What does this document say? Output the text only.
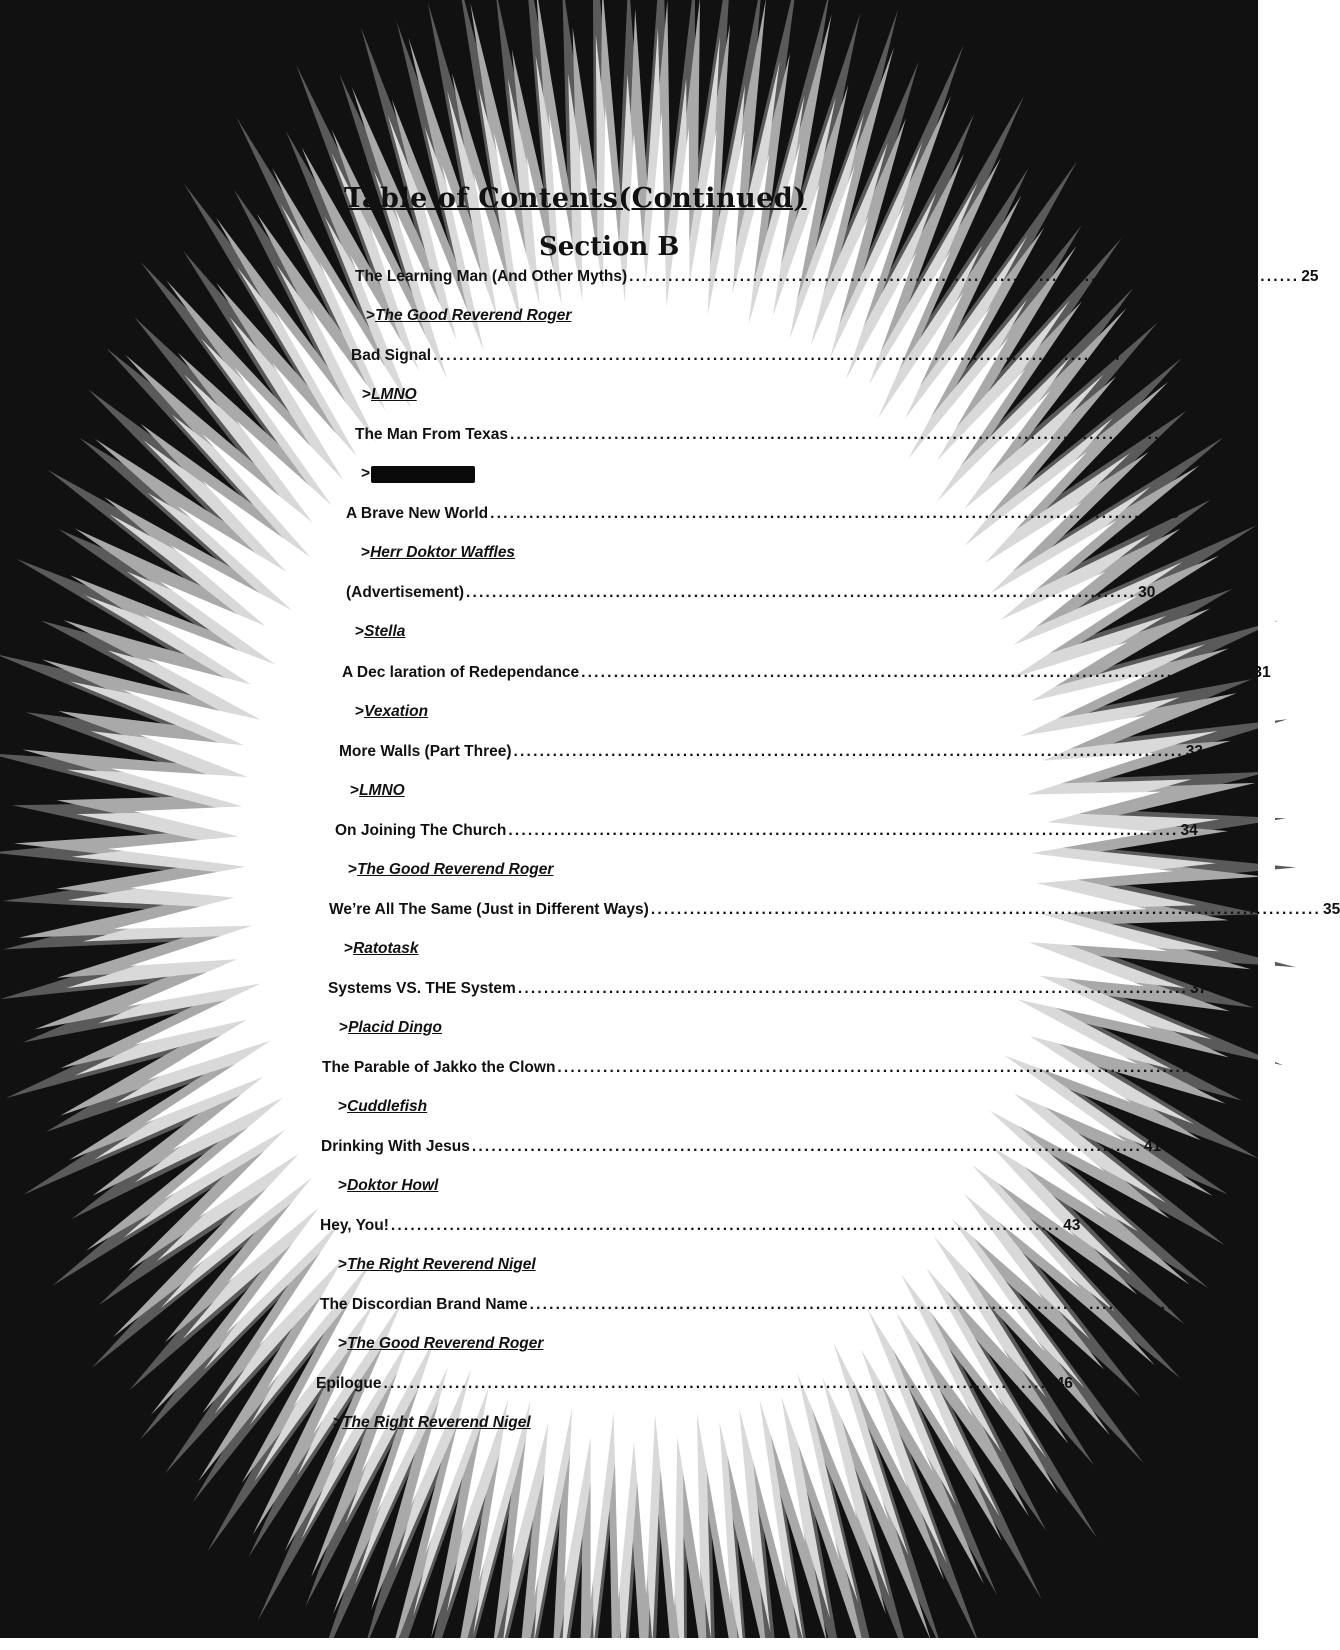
Table of Contents(Continued)
Section B
The Learning Man (And Other Myths) ....................................................................................................... 25
>The Good Reverend Roger
Bad Signal ....................................................................................................... 27
>LMNO
The Man From Texas ....................................................................................................... 28
>
A Brave New World ....................................................................................................... 29
>Herr Doktor Waffles
(Advertisement) ....................................................................................................... 30
>Stella
A Dec laration of Redependance ....................................................................................................... 31
>Vexation
More Walls (Part Three) ....................................................................................................... 33
>LMNO
On Joining The Church ....................................................................................................... 34
>The Good Reverend Roger
We’re All The Same (Just in Different Ways) ....................................................................................................... 35
>Ratotask
Systems VS. THE System ....................................................................................................... 37
>Placid Dingo
The Parable of Jakko the Clown ....................................................................................................... 39
>Cuddlefish
Drinking With Jesus ....................................................................................................... 41
>Doktor Howl
Hey, You! ....................................................................................................... 43
>The Right Reverend Nigel
The Discordian Brand Name ....................................................................................................... 45
>The Good Reverend Roger
Epilogue ....................................................................................................... 46
>The Right Reverend Nigel
